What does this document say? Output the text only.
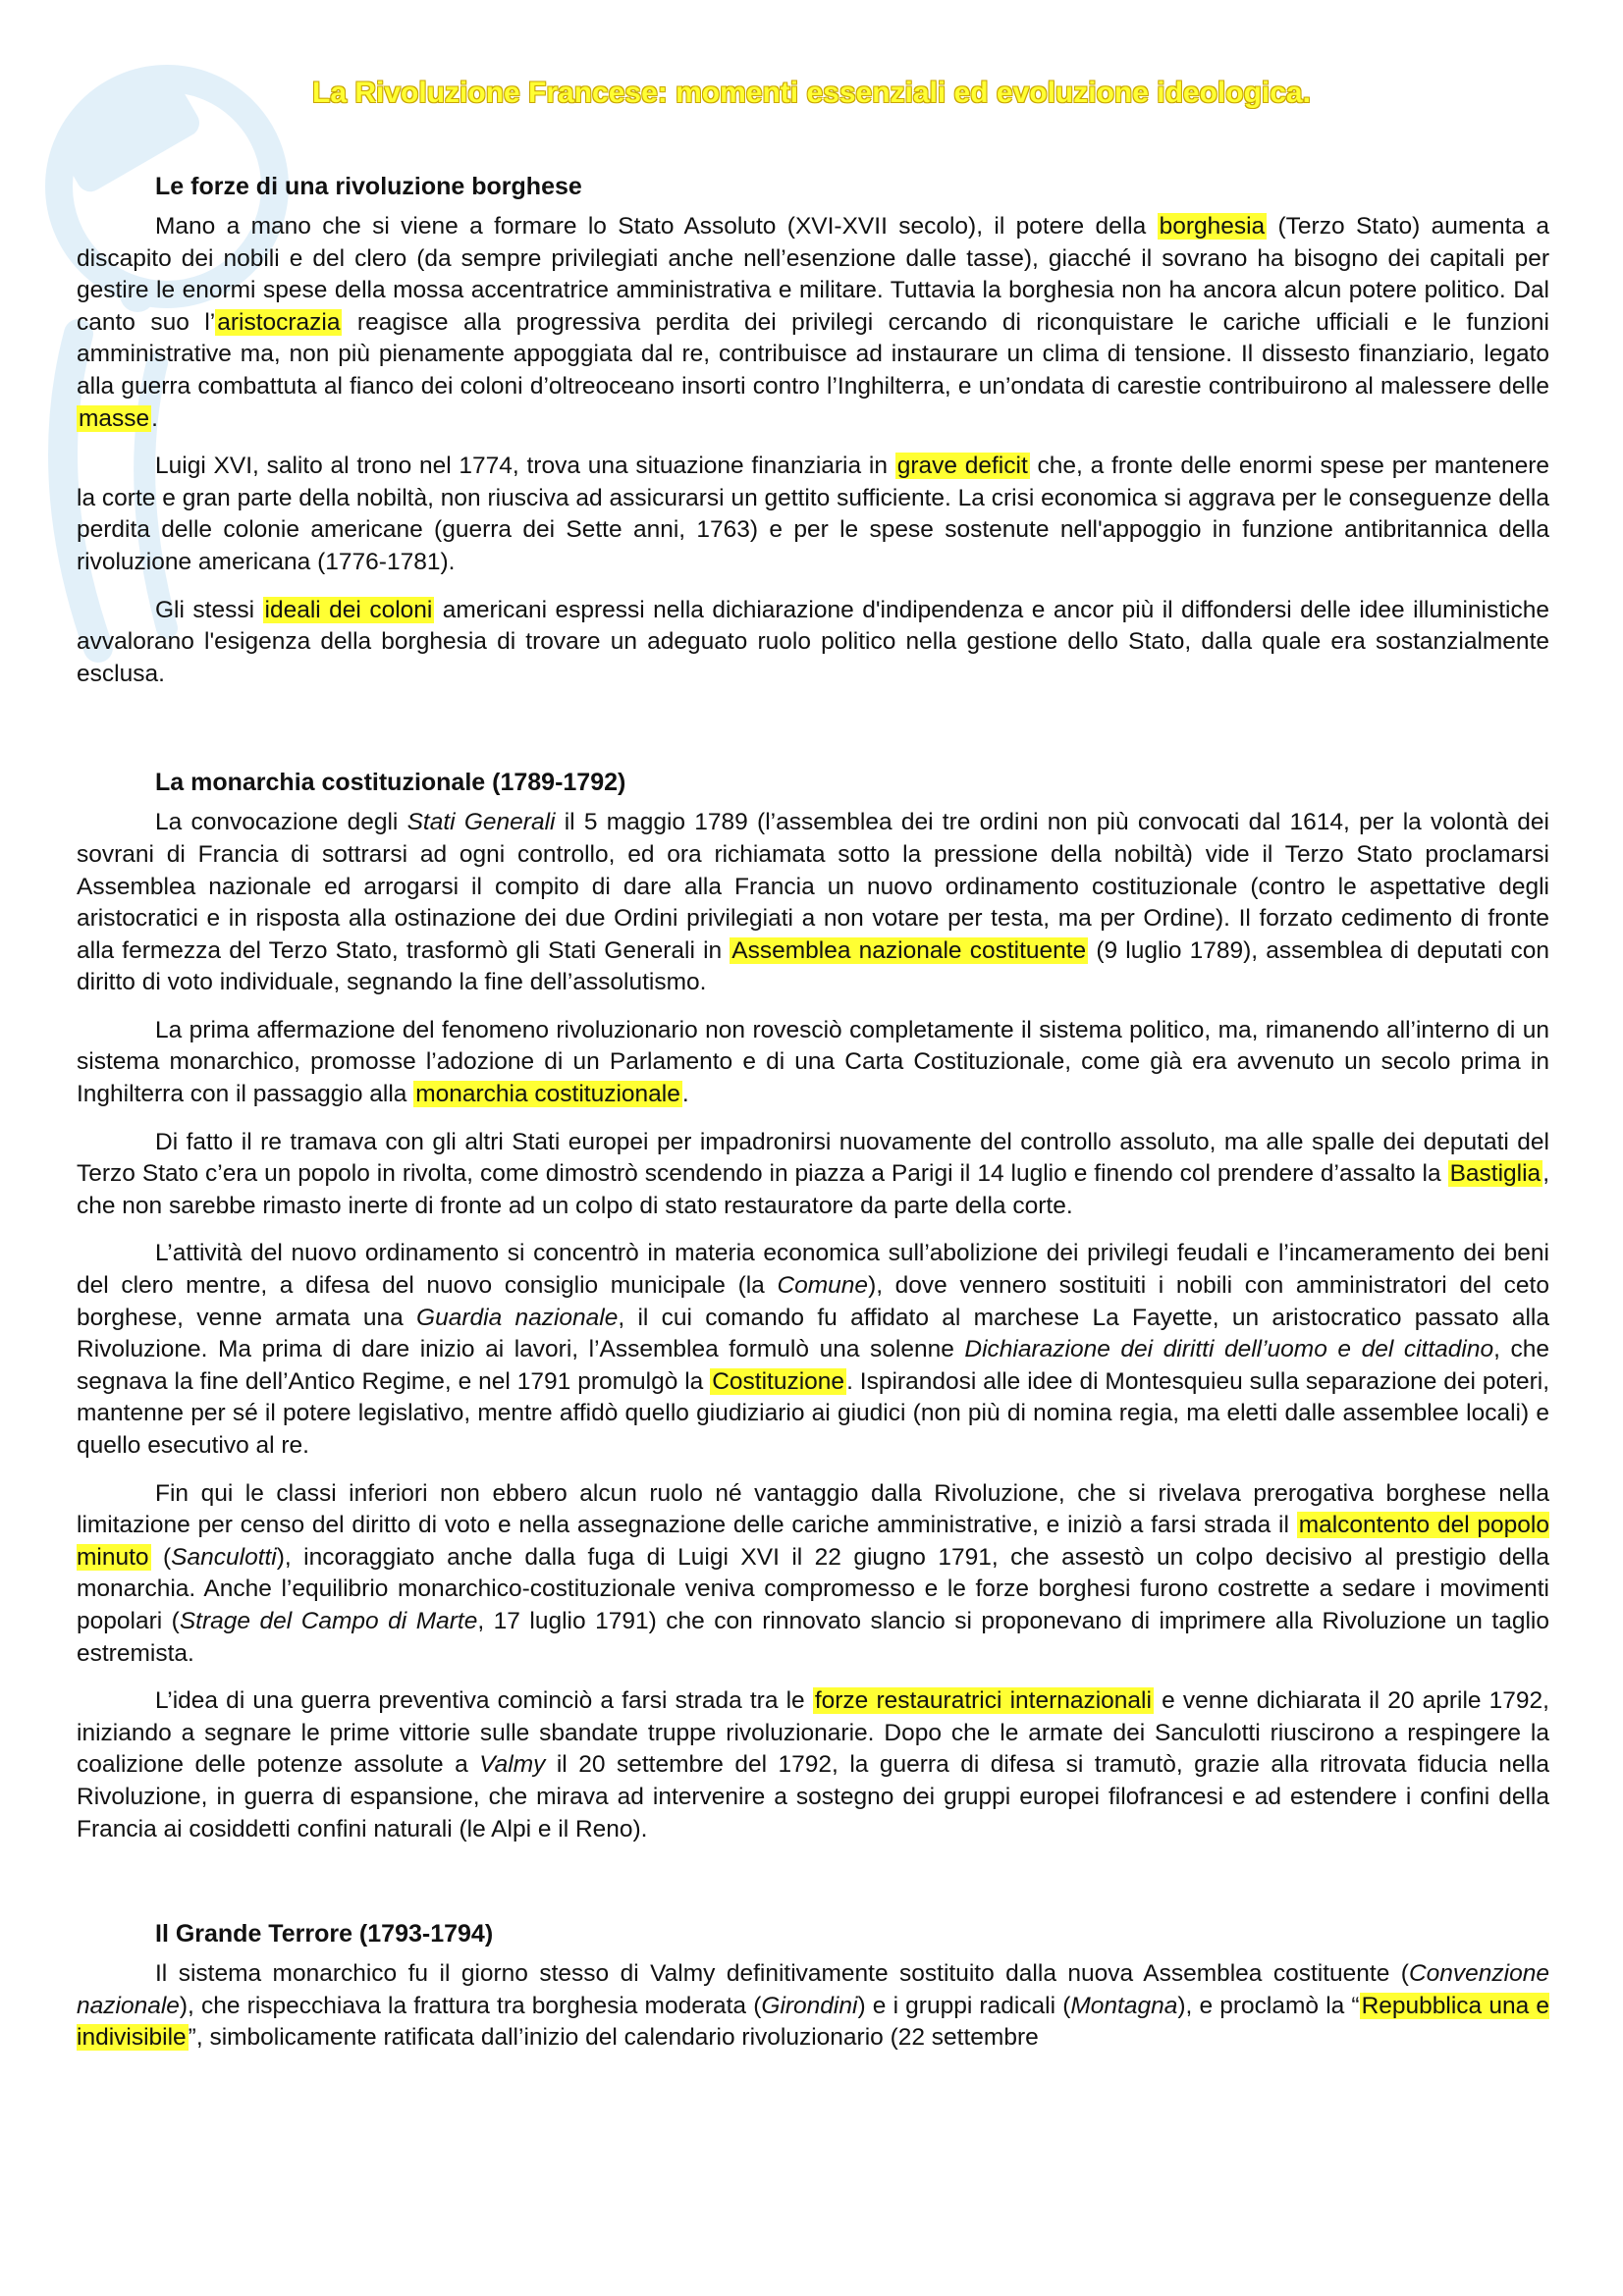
La Rivoluzione Francese: momenti essenziali ed evoluzione ideologica.
Le forze di una rivoluzione borghese

Mano a mano che si viene a formare lo Stato Assoluto (XVI-XVII secolo), il potere della borghesia (Terzo Stato) aumenta a discapito dei nobili e del clero (da sempre privilegiati anche nell’esenzione dalle tasse), giacché il sovrano ha bisogno dei capitali per gestire le enormi spese della mossa accentratrice amministrativa e militare. Tuttavia la borghesia non ha ancora alcun potere politico. Dal canto suo l’aristocrazia reagisce alla progressiva perdita dei privilegi cercando di riconquistare le cariche ufficiali e le funzioni amministrative ma, non più pienamente appoggiata dal re, contribuisce ad instaurare un clima di tensione. Il dissesto finanziario, legato alla guerra combattuta al fianco dei coloni d’oltreoceano insorti contro l’Inghilterra, e un’ondata di carestie contribuirono al malessere delle masse.

Luigi XVI, salito al trono nel 1774, trova una situazione finanziaria in grave deficit che, a fronte delle enormi spese per mantenere la corte e gran parte della nobiltà, non riusciva ad assicurarsi un gettito sufficiente. La crisi economica si aggrava per le conseguenze della perdita delle colonie americane (guerra dei Sette anni, 1763) e per le spese sostenute nell'appoggio in funzione antibritannica della rivoluzione americana (1776-1781).

Gli stessi ideali dei coloni americani espressi nella dichiarazione d'indipendenza e ancor più il diffondersi delle idee illuministiche avvalorano l'esigenza della borghesia di trovare un adeguato ruolo politico nella gestione dello Stato, dalla quale era sostanzialmente esclusa.

La monarchia costituzionale (1789-1792)

La convocazione degli Stati Generali il 5 maggio 1789 (l’assemblea dei tre ordini non più convocati dal 1614, per la volontà dei sovrani di Francia di sottrarsi ad ogni controllo, ed ora richiamata sotto la pressione della nobiltà) vide il Terzo Stato proclamarsi Assemblea nazionale ed arrogarsi il compito di dare alla Francia un nuovo ordinamento costituzionale (contro le aspettative degli aristocratici e in risposta alla ostinazione dei due Ordini privilegiati a non votare per testa, ma per Ordine). Il forzato cedimento di fronte alla fermezza del Terzo Stato, trasformò gli Stati Generali in Assemblea nazionale costituente (9 luglio 1789), assemblea di deputati con diritto di voto individuale, segnando la fine dell’assolutismo.

La prima affermazione del fenomeno rivoluzionario non rovesciò completamente il sistema politico, ma, rimanendo all’interno di un sistema monarchico, promosse l’adozione di un Parlamento e di una Carta Costituzionale, come già era avvenuto un secolo prima in Inghilterra con il passaggio alla monarchia costituzionale.

Di fatto il re tramava con gli altri Stati europei per impadronirsi nuovamente del controllo assoluto, ma alle spalle dei deputati del Terzo Stato c’era un popolo in rivolta, come dimostrò scendendo in piazza a Parigi il 14 luglio e finendo col prendere d’assalto la Bastiglia, che non sarebbe rimasto inerte di fronte ad un colpo di stato restauratore da parte della corte.

L’attività del nuovo ordinamento si concentrò in materia economica sull’abolizione dei privilegi feudali e l’incameramento dei beni del clero mentre, a difesa del nuovo consiglio municipale (la Comune), dove vennero sostituiti i nobili con amministratori del ceto borghese, venne armata una Guardia nazionale, il cui comando fu affidato al marchese La Fayette, un aristocratico passato alla Rivoluzione. Ma prima di dare inizio ai lavori, l’Assemblea formulò una solenne Dichiarazione dei diritti dell’uomo e del cittadino, che segnava la fine dell’Antico Regime, e nel 1791 promulgò la Costituzione. Ispirandosi alle idee di Montesquieu sulla separazione dei poteri, mantenne per sé il potere legislativo, mentre affidò quello giudiziario ai giudici (non più di nomina regia, ma eletti dalle assemblee locali) e quello esecutivo al re.

Fin qui le classi inferiori non ebbero alcun ruolo né vantaggio dalla Rivoluzione, che si rivelava prerogativa borghese nella limitazione per censo del diritto di voto e nella assegnazione delle cariche amministrative, e iniziò a farsi strada il malcontento del popolo minuto (Sanculotti), incoraggiato anche dalla fuga di Luigi XVI il 22 giugno 1791, che assestò un colpo decisivo al prestigio della monarchia. Anche l’equilibrio monarchico-costituzionale veniva compromesso e le forze borghesi furono costrette a sedare i movimenti popolari (Strage del Campo di Marte, 17 luglio 1791) che con rinnovato slancio si proponevano di imprimere alla Rivoluzione un taglio estremista.

L’idea di una guerra preventiva cominciò a farsi strada tra le forze restauratrici internazionali e venne dichiarata il 20 aprile 1792, iniziando a segnare le prime vittorie sulle sbandate truppe rivoluzionarie. Dopo che le armate dei Sanculotti riuscirono a respingere la coalizione delle potenze assolute a Valmy il 20 settembre del 1792, la guerra di difesa si tramutò, grazie alla ritrovata fiducia nella Rivoluzione, in guerra di espansione, che mirava ad intervenire a sostegno dei gruppi europei filofrancesi e ad estendere i confini della Francia ai cosiddetti confini naturali (le Alpi e il Reno).

Il Grande Terrore (1793-1794)

Il sistema monarchico fu il giorno stesso di Valmy definitivamente sostituito dalla nuova Assemblea costituente (Convenzione nazionale), che rispecchiava la frattura tra borghesia moderata (Girondini) e i gruppi radicali (Montagna), e proclamò la “Repubblica una e indivisibile”, simbolicamente ratificata dall’inizio del calendario rivoluzionario (22 settembre
